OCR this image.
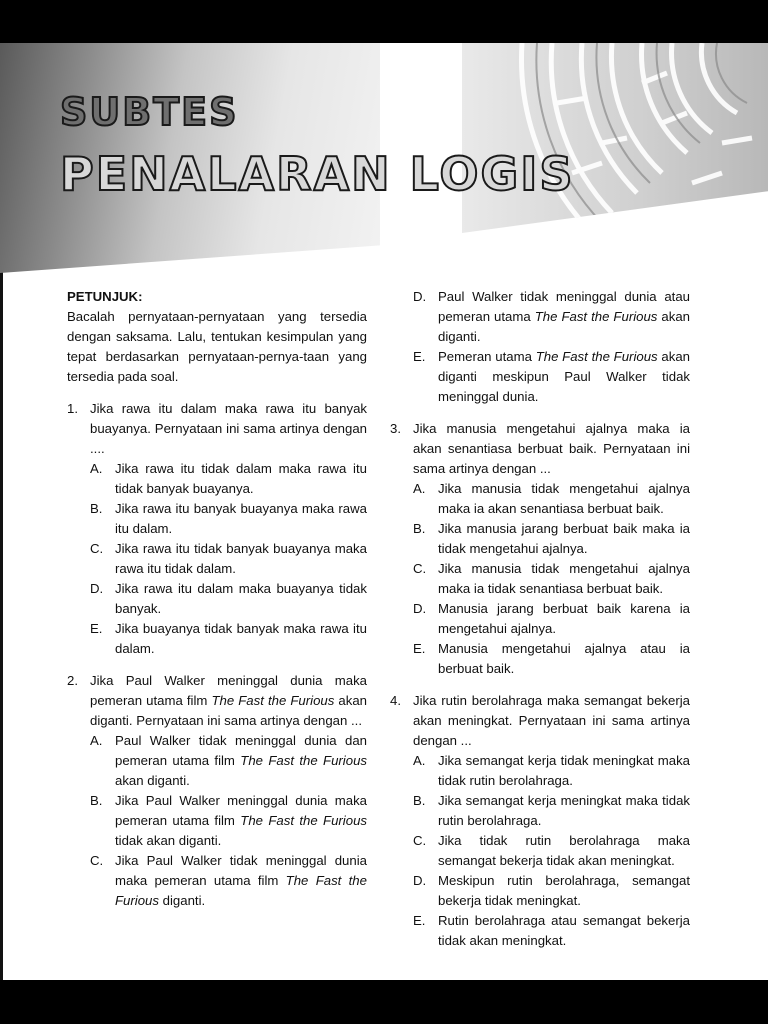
SUBTES
PENALARAN LOGIS

PETUNJUK:

Bacalah pernyataan-pernyataan yang tersedia dengan saksama. Lalu, tentukan kesimpulan yang tepat berdasarkan pernyataan-pernya-taan yang tersedia pada soal.

1. Jika rawa itu dalam maka rawa itu banyak buayanya. Pernyataan ini sama artinya dengan ....

A. Jika rawa itu tidak dalam maka rawa itu tidak banyak buayanya.
B. Jika rawa itu banyak buayanya maka rawa itu dalam.
C. Jika rawa itu tidak banyak buayanya maka rawa itu tidak dalam.
D. Jika rawa itu dalam maka buayanya tidak banyak.
E. Jika buayanya tidak banyak maka rawa itu dalam.
2. Jika Paul Walker meninggal dunia maka pemeran utama film The Fast the Furious akan diganti. Pernyataan ini sama artinya dengan ...

A. Paul Walker tidak meninggal dunia dan pemeran utama film The Fast the Furious akan diganti.
B. Jika Paul Walker meninggal dunia maka pemeran utama film The Fast the Furious tidak akan diganti.
C. Jika Paul Walker tidak meninggal dunia maka pemeran utama film The Fast the Furious diganti.
D. Paul Walker tidak meninggal dunia atau pemeran utama The Fast the Furious akan diganti.
E. Pemeran utama The Fast the Furious akan diganti meskipun Paul Walker tidak meninggal dunia.
3. Jika manusia mengetahui ajalnya maka ia akan senantiasa berbuat baik. Pernyataan ini sama artinya dengan ...

A. Jika manusia tidak mengetahui ajalnya maka ia akan senantiasa berbuat baik.
B. Jika manusia jarang berbuat baik maka ia tidak mengetahui ajalnya.
C. Jika manusia tidak mengetahui ajalnya maka ia tidak senantiasa berbuat baik.
D. Manusia jarang berbuat baik karena ia mengetahui ajalnya.
E. Manusia mengetahui ajalnya atau ia berbuat baik.
4. Jika rutin berolahraga maka semangat bekerja akan meningkat. Pernyataan ini sama artinya dengan ...

A. Jika semangat kerja tidak meningkat maka tidak rutin berolahraga.
B. Jika semangat kerja meningkat maka tidak rutin berolahraga.
C. Jika tidak rutin berolahraga maka semangat bekerja tidak akan meningkat.
D. Meskipun rutin berolahraga, semangat bekerja tidak meningkat.
E. Rutin berolahraga atau semangat bekerja tidak akan meningkat.
